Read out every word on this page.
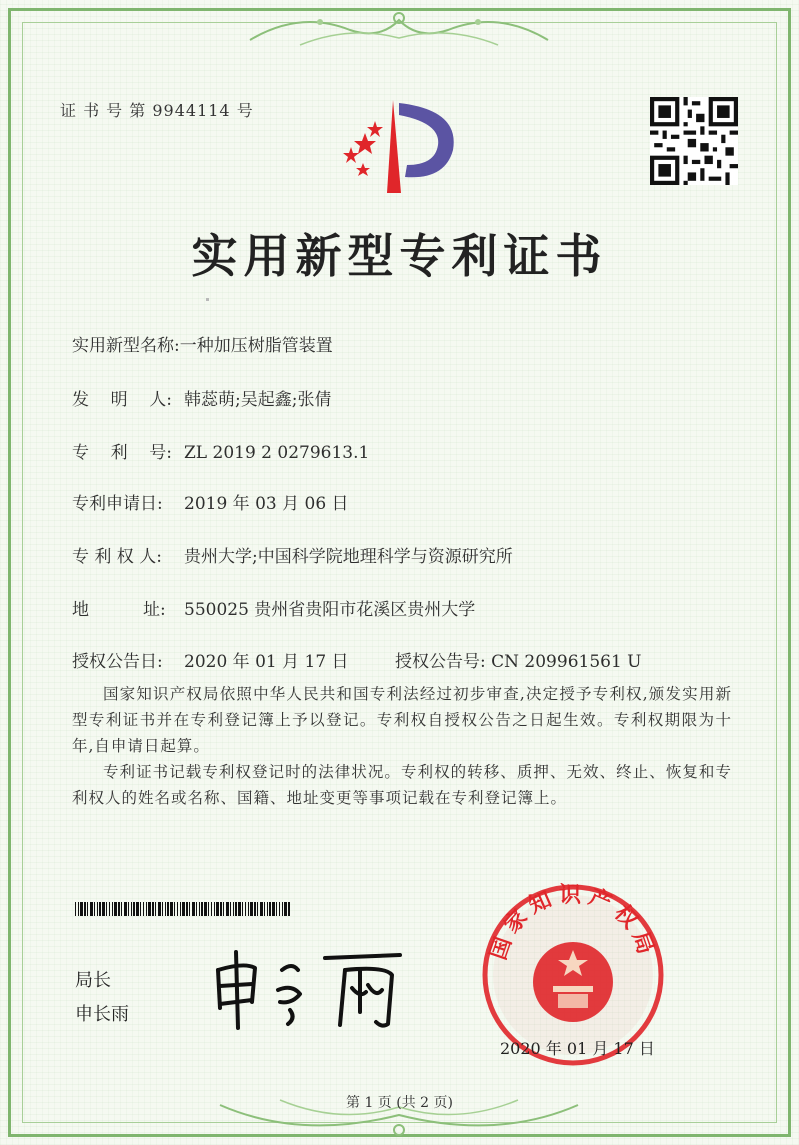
证 书 号 第 9944114 号
实用新型专利证书
实用新型名称:一种加压树脂管装置
发    明    人: 韩蕊萌;吴起鑫;张倩
专    利    号: ZL 2019 2 0279613.1
专利申请日: 2019 年 03 月 06 日
专 利 权 人: 贵州大学;中国科学院地理科学与资源研究所
地          址: 550025 贵州省贵阳市花溪区贵州大学
授权公告日: 2020 年 01 月 17 日	授权公告号: CN 209961561 U
国家知识产权局依照中华人民共和国专利法经过初步审查,决定授予专利权,颁发实用新型专利证书并在专利登记簿上予以登记。专利权自授权公告之日起生效。专利权期限为十年,自申请日起算。
专利证书记载专利权登记时的法律状况。专利权的转移、质押、无效、终止、恢复和专利权人的姓名或名称、国籍、地址变更等事项记载在专利登记簿上。
局长
申长雨
国家知识产权局
2020 年 01 月 17 日
第 1 页 (共 2 页)
